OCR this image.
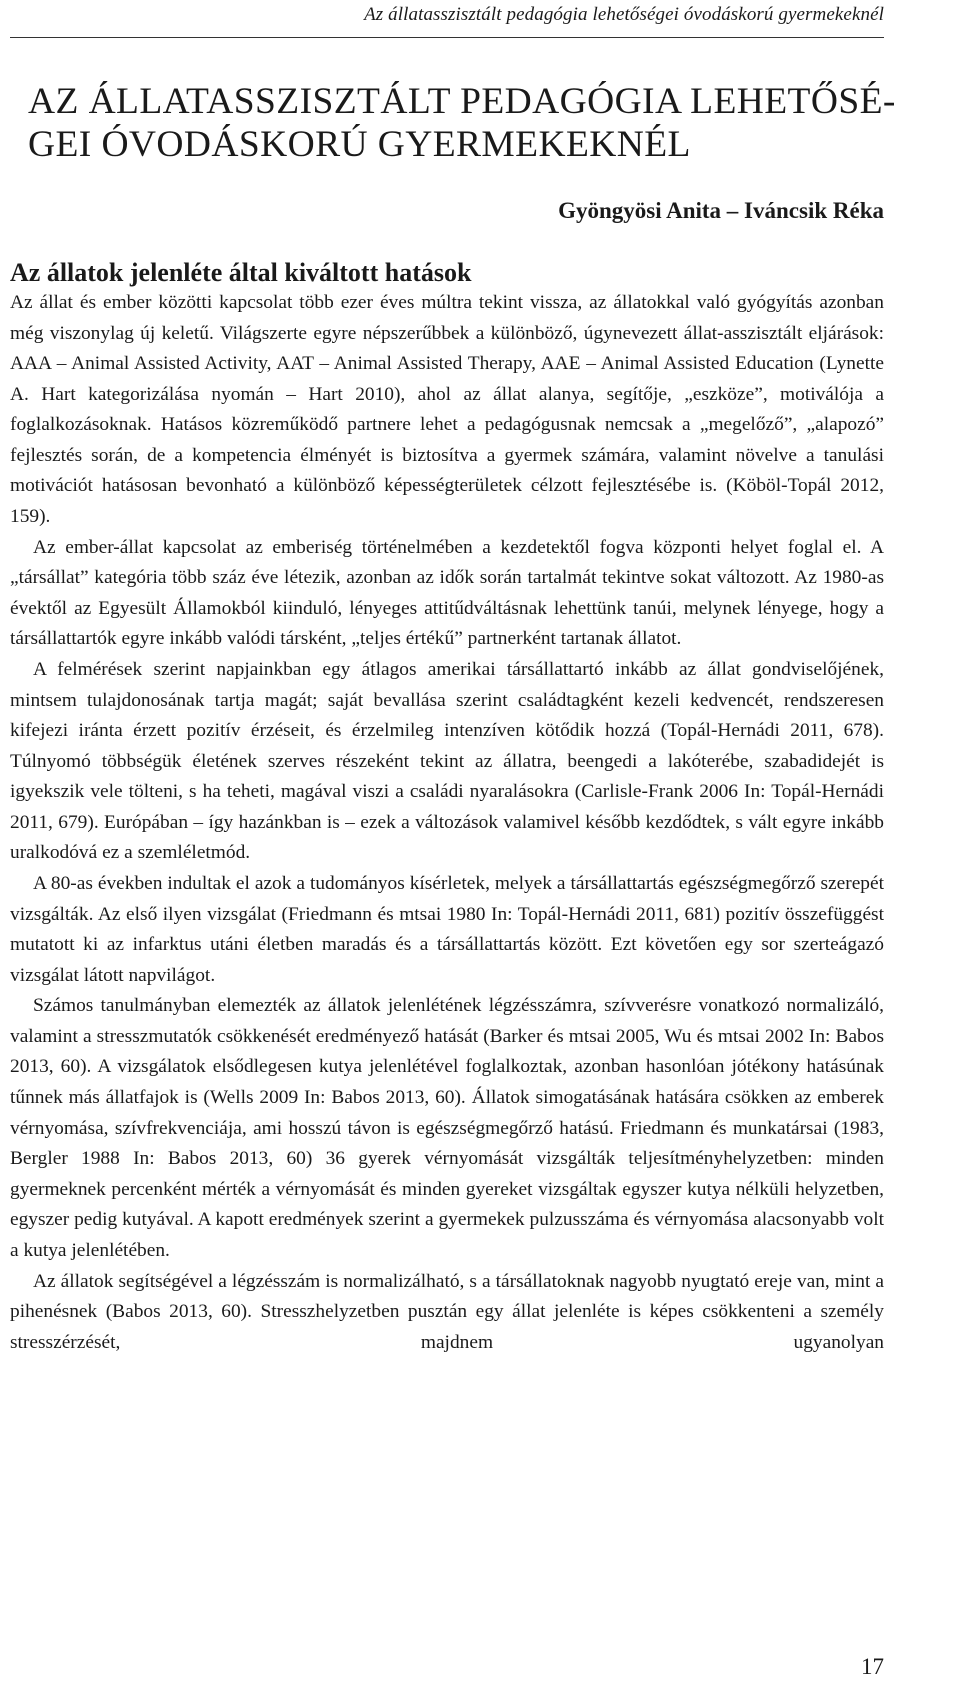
Az állatasszisztált pedagógia lehetőségei óvodáskorú gyermekeknél
AZ ÁLLATASSZISZTÁLT PEDAGÓGIA LEHETŐSÉ-
GEI ÓVODÁSKORÚ GYERMEKEKNÉL
Gyöngyösi Anita – Iváncsik Réka
Az állatok jelenléte által kiváltott hatások

Az állat és ember közötti kapcsolat több ezer éves múltra tekint vissza, az állatokkal való gyógyítás azonban még viszonylag új keletű. Világszerte egyre népszerűbbek a különböző, úgynevezett állat-asszisztált eljárások: AAA – Animal Assisted Activity, AAT – Animal Assisted Therapy, AAE – Animal Assisted Education (Lynette A. Hart kategorizálása nyomán – Hart 2010), ahol az állat alanya, segítője, „eszköze”, motiválója a foglalkozásoknak. Hatásos közreműködő partnere lehet a pedagógusnak nemcsak a „megelőző”, „alapozó” fejlesztés során, de a kompetencia élményét is biztosítva a gyermek számára, valamint növelve a tanulási motivációt hatásosan bevonható a különböző képességterületek célzott fejlesztésébe is. (Köböl-Topál 2012, 159).

Az ember-állat kapcsolat az emberiség történelmében a kezdetektől fogva központi helyet foglal el. A „társállat” kategória több száz éve létezik, azonban az idők során tartalmát tekintve sokat változott. Az 1980-as évektől az Egyesült Államokból kiinduló, lényeges attitűdváltásnak lehettünk tanúi, melynek lényege, hogy a társállattartók egyre inkább valódi társként, „teljes értékű” partnerként tartanak állatot.

A felmérések szerint napjainkban egy átlagos amerikai társállattartó inkább az állat gondviselőjének, mintsem tulajdonosának tartja magát; saját bevallása szerint családtagként kezeli kedvencét, rendszeresen kifejezi iránta érzett pozitív érzéseit, és érzelmileg intenzíven kötődik hozzá (Topál-Hernádi 2011, 678). Túlnyomó többségük életének szerves részeként tekint az állatra, beengedi a lakóterébe, szabadidejét is igyekszik vele tölteni, s ha teheti, magával viszi a családi nyaralásokra (Carlisle-Frank 2006 In: Topál-Hernádi 2011, 679). Európában – így hazánkban is – ezek a változások valamivel később kezdődtek, s vált egyre inkább uralkodóvá ez a szemléletmód.

A 80-as években indultak el azok a tudományos kísérletek, melyek a társállattartás egészségmegőrző szerepét vizsgálták. Az első ilyen vizsgálat (Friedmann és mtsai 1980 In: Topál-Hernádi 2011, 681) pozitív összefüggést mutatott ki az infarktus utáni életben maradás és a társállattartás között. Ezt követően egy sor szerteágazó vizsgálat látott napvilágot.

Számos tanulmányban elemezték az állatok jelenlétének légzésszámra, szívverésre vonatkozó normalizáló, valamint a stresszmutatók csökkenését eredményező hatását (Barker és mtsai 2005, Wu és mtsai 2002 In: Babos 2013, 60). A vizsgálatok elsődlegesen kutya jelenlétével foglalkoztak, azonban hasonlóan jótékony hatásúnak tűnnek más állatfajok is (Wells 2009 In: Babos 2013, 60). Állatok simogatásának hatására csökken az emberek vérnyomása, szívfrekvenciája, ami hosszú távon is egészségmegőrző hatású. Friedmann és munkatársai (1983, Bergler 1988 In: Babos 2013, 60) 36 gyerek vérnyomását vizsgálták teljesítményhelyzetben: minden gyermeknek percenként mérték a vérnyomását és minden gyereket vizsgáltak egyszer kutya nélküli helyzetben, egyszer pedig kutyával. A kapott eredmények szerint a gyermekek pulzusszáma és vérnyomása alacsonyabb volt a kutya jelenlétében.

Az állatok segítségével a légzésszám is normalizálható, s a társállatoknak nagyobb nyugtató ereje van, mint a pihenésnek (Babos 2013, 60). Stresszhelyzetben pusztán egy állat jelenléte is képes csökkenteni a személy stresszérzését, majdnem ugyanolyan

17
